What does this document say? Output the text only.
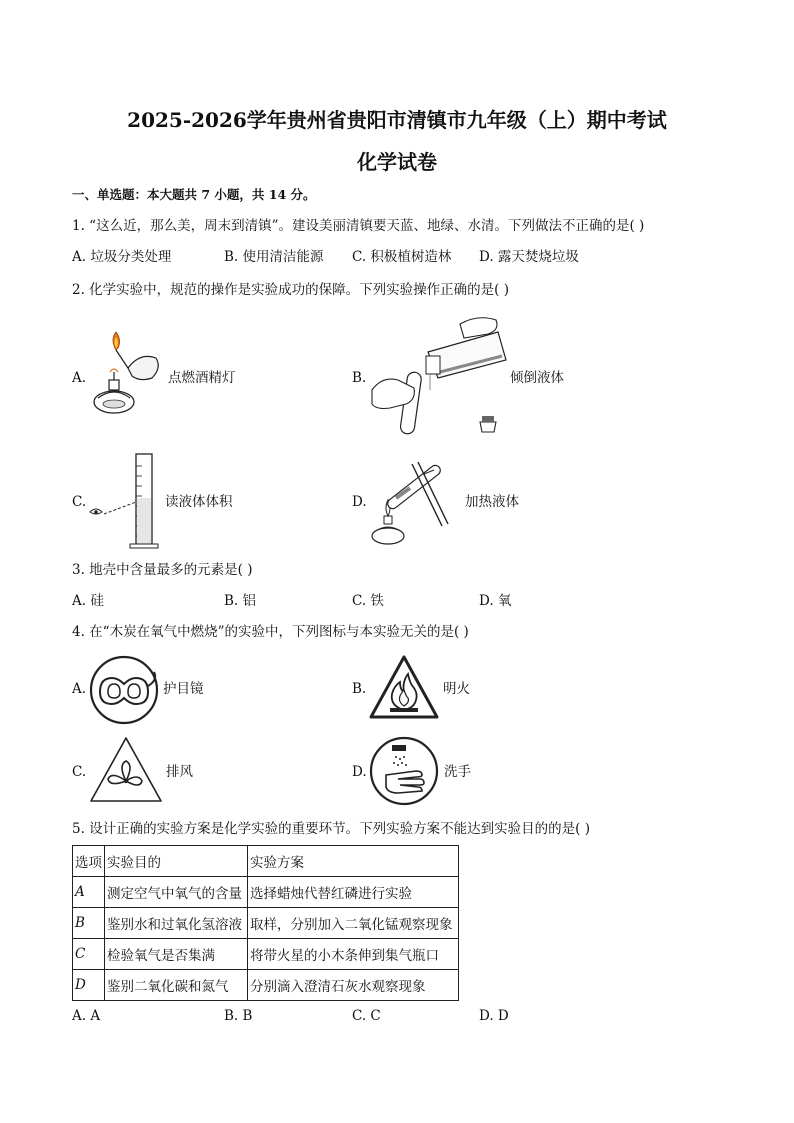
2025-2026学年贵州省贵阳市清镇市九年级（上）期中考试
化学试卷
一、单选题：本大题共 7 小题，共 14 分。
1. “这么近，那么美，周末到清镇”。建设美丽清镇要天蓝、地绿、水清。下列做法不正确的是( )
A. 垃圾分类处理	B. 使用清洁能源 C. 积极植树造林 D. 露天焚烧垃圾
2. 化学实验中，规范的操作是实验成功的保障。下列实验操作正确的是( )
A.	点燃酒精灯	B.	倾倒液体
C.	读液体体积	D.	加热液体
3. 地壳中含量最多的元素是( )
A. 硅	B. 铝	C. 铁	D. 氧
4. 在“木炭在氧气中燃烧”的实验中，下列图标与本实验无关的是( )
A.	护目镜	B.	明火
C.	排风	D.	洗手
5. 设计正确的实验方案是化学实验的重要环节。下列实验方案不能达到实验目的的是( )
选项	实验目的	实验方案
A	测定空气中氧气的含量	选择蜡烛代替红磷进行实验
B	鉴别水和过氧化氢溶液	取样，分别加入二氧化锰观察现象
C	检验氧气是否集满	将带火星的小木条伸到集气瓶口
D	鉴别二氧化碳和氮气	分别滴入澄清石灰水观察现象
A. A	B. B	C. C	D. D
